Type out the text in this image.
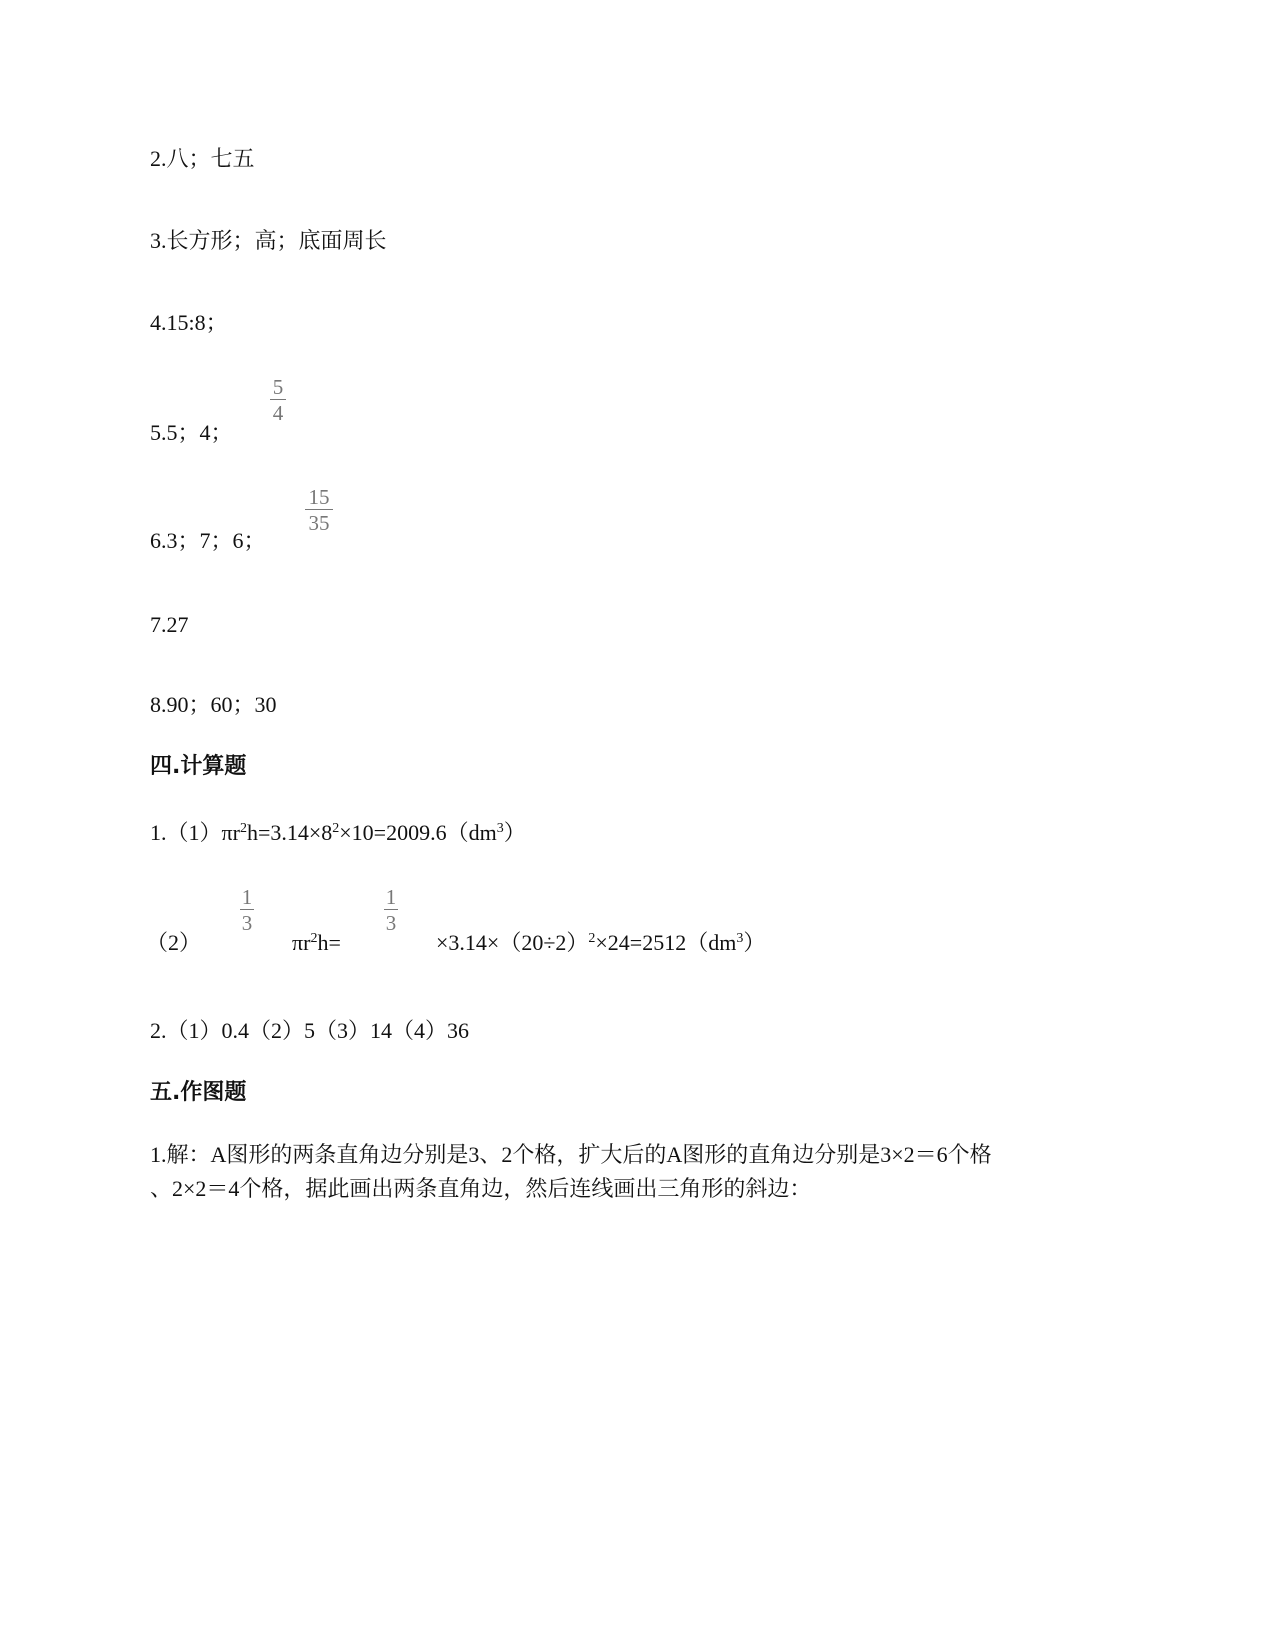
2.八；七五
3.长方形；高；底面周长
4.15:8；
5.5；4；
5
4
6.3；7；6；
15
35
7.27
8.90；60；30
四.计算题
$1.(1)\pi r^2h=3.14\times 8^2\times 10=2009.6(dm^3)$
（2）
1
3
$\pi r^2h=$
1
3
$\times 3.14\times(20\div 2)^2\times 24=2512(dm^3)$
2.（1）0.4（2）5（3）14（4）36
五.作图题
1.解：A图形的两条直角边分别是3、2个格，扩大后的A图形的直角边分别是3×2＝6个格
、2×2＝4个格，据此画出两条直角边，然后连线画出三角形的斜边：
